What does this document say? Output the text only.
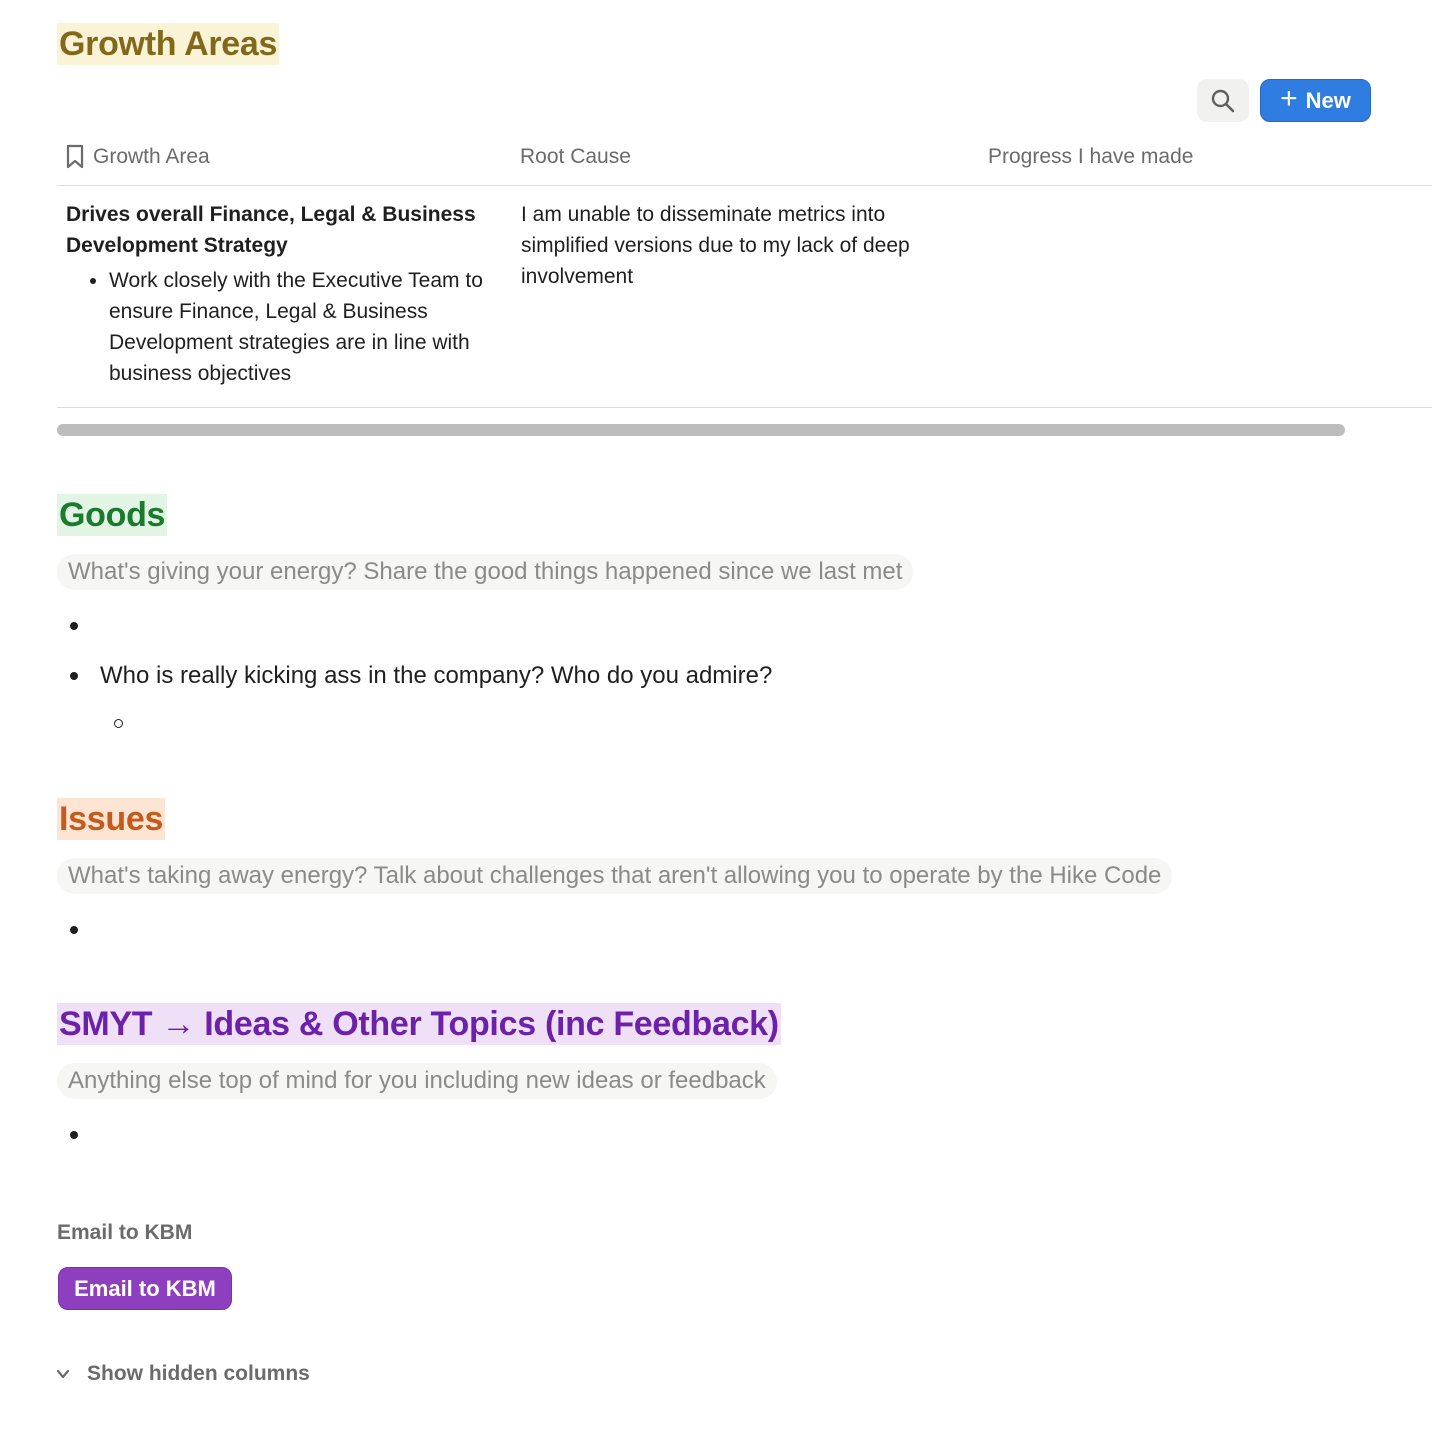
Growth Areas
+ New
Growth Area	Root Cause	Progress I have made
Drives overall Finance, Legal & Business Development Strategy
• Work closely with the Executive Team to ensure Finance, Legal & Business Development strategies are in line with business objectives
I am unable to disseminate metrics into simplified versions due to my lack of deep involvement
Goods
What's giving your energy? Share the good things happened since we last met
Who is really kicking ass in the company? Who do you admire?
Issues
What's taking away energy? Talk about challenges that aren't allowing you to operate by the Hike Code
SMYT → Ideas & Other Topics (inc Feedback)
Anything else top of mind for you including new ideas or feedback
Email to KBM
Email to KBM
Show hidden columns
